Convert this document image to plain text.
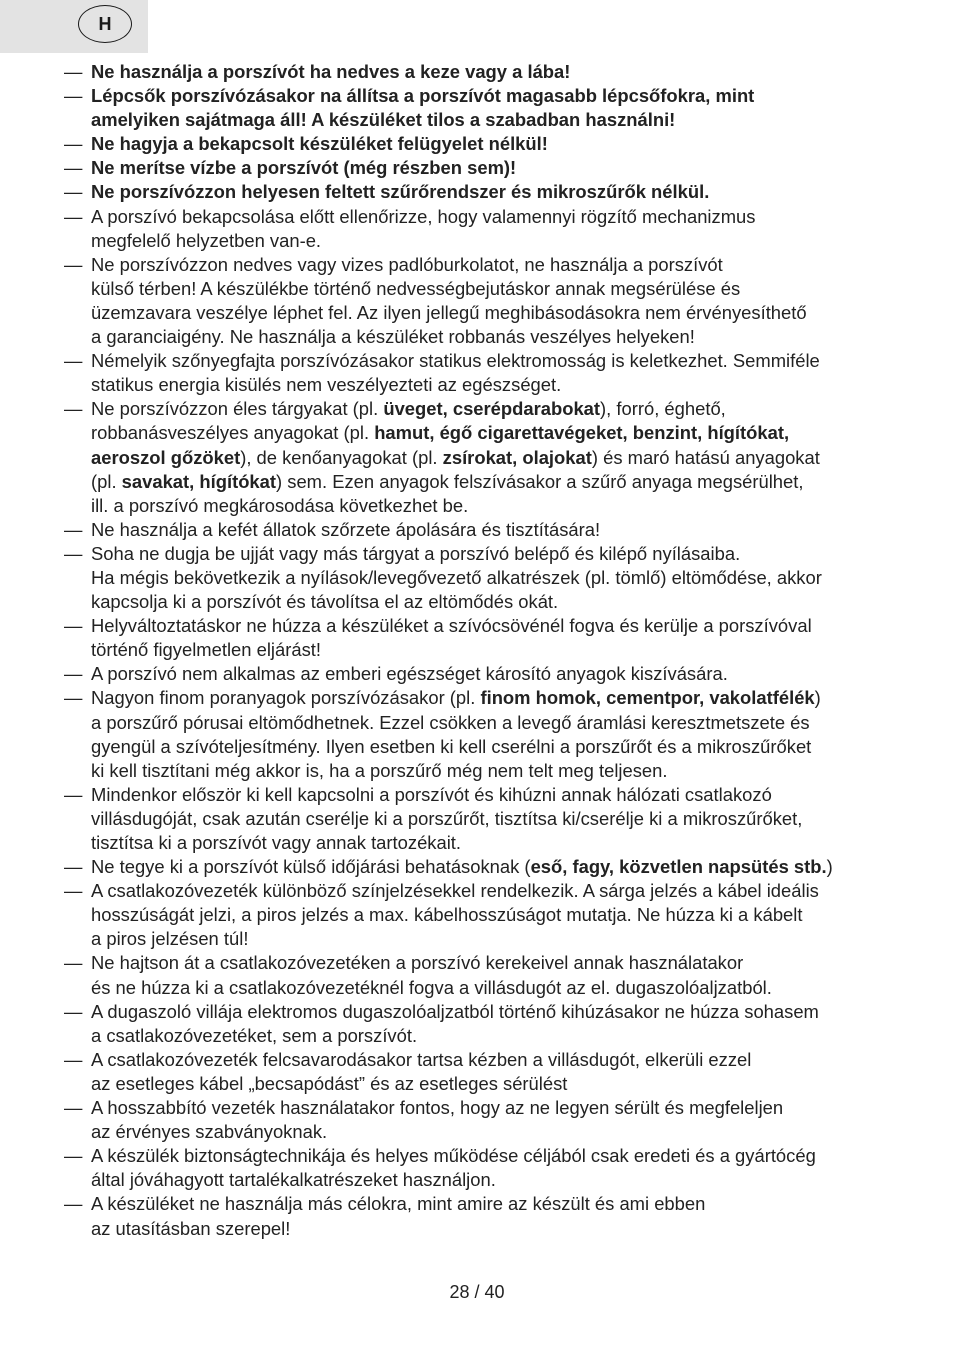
H
— Ne használja a porszívót ha nedves a keze vagy a lába!
— Lépcsők porszívózásakor na állítsa a porszívót magasabb lépcsőfokra, mint
amelyiken sajátmaga áll! A készüléket tilos a szabadban használni!
— Ne hagyja a bekapcsolt készüléket felügyelet nélkül!
— Ne merítse vízbe a porszívót (még részben sem)!
— Ne porszívózzon helyesen feltett szűrőrendszer és mikroszűrők nélkül.
— A porszívó bekapcsolása előtt ellenőrizze, hogy valamennyi rögzítő mechanizmus
megfelelő helyzetben van-e.
— Ne porszívózzon nedves vagy vizes padlóburkolatot, ne használja a porszívót
külső térben! A készülékbe történő nedvességbejutáskor annak megsérülése és
üzemzavara veszélye léphet fel. Az ilyen jellegű meghibásodásokra nem érvényesíthető
a garanciaigény. Ne használja a készüléket robbanás veszélyes helyeken!
— Némelyik szőnyegfajta porszívózásakor statikus elektromosság is keletkezhet. Semmiféle
statikus energia kisülés nem veszélyezteti az egészséget.
— Ne porszívózzon éles tárgyakat (pl. üveget, cserépdarabokat), forró, éghető,
robbanásveszélyes anyagokat (pl. hamut, égő cigarettavégeket, benzint, hígítókat,
aeroszol gőzöket), de kenőanyagokat (pl. zsírokat, olajokat) és maró hatású anyagokat
(pl. savakat, hígítókat) sem. Ezen anyagok felszívásakor a szűrő anyaga megsérülhet,
ill. a porszívó megkárosodása következhet be.
— Ne használja a kefét állatok szőrzete ápolására és tisztítására!
— Soha ne dugja be ujját vagy más tárgyat a porszívó belépő és kilépő nyílásaiba.
Ha mégis bekövetkezik a nyílások/levegővezető alkatrészek (pl. tömlő) eltömődése, akkor
kapcsolja ki a porszívót és távolítsa el az eltömődés okát.
— Helyváltoztatáskor ne húzza a készüléket a szívócsövénél fogva és kerülje a porszívóval
történő figyelmetlen eljárást!
— A porszívó nem alkalmas az emberi egészséget károsító anyagok kiszívására.
— Nagyon finom poranyagok porszívózásakor (pl. finom homok, cementpor, vakolatfélék)
a porszűrő pórusai eltömődhetnek. Ezzel csökken a levegő áramlási keresztmetszete és
gyengül a szívóteljesítmény. Ilyen esetben ki kell cserélni a porszűrőt és a mikroszűrőket
ki kell tisztítani még akkor is, ha a porszűrő még nem telt meg teljesen.
— Mindenkor először ki kell kapcsolni a porszívót és kihúzni annak hálózati csatlakozó
villásdugóját, csak azután cserélje ki a porszűrőt, tisztítsa ki/cserélje ki a mikroszűrőket,
tisztítsa ki a porszívót vagy annak tartozékait.
— Ne tegye ki a porszívót külső időjárási behatásoknak (eső, fagy, közvetlen napsütés stb.)
— A csatlakozóvezeték különböző színjelzésekkel rendelkezik. A sárga jelzés a kábel ideális
hosszúságát jelzi, a piros jelzés a max. kábelhosszúságot mutatja. Ne húzza ki a kábelt
a piros jelzésen túl!
— Ne hajtson át a csatlakozóvezetéken a porszívó kerekeivel annak használatakor
és ne húzza ki a csatlakozóvezetéknél fogva a villásdugót az el. dugaszolóaljzatból.
— A dugaszoló villája elektromos dugaszolóaljzatból történő kihúzásakor ne húzza sohasem
a csatlakozóvezetéket, sem a porszívót.
— A csatlakozóvezeték felcsavarodásakor tartsa kézben a villásdugót, elkerüli ezzel
az esetleges kábel „becsapódást” és az esetleges sérülést
— A hosszabbító vezeték használatakor fontos, hogy az ne legyen sérült és megfeleljen
az érvényes szabványoknak.
— A készülék biztonságtechnikája és helyes működése céljából csak eredeti és a gyártócég
által jóváhagyott tartalékalkatrészeket használjon.
— A készüléket ne használja más célokra, mint amire az készült és ami ebben
az utasításban szerepel!
28 / 40
